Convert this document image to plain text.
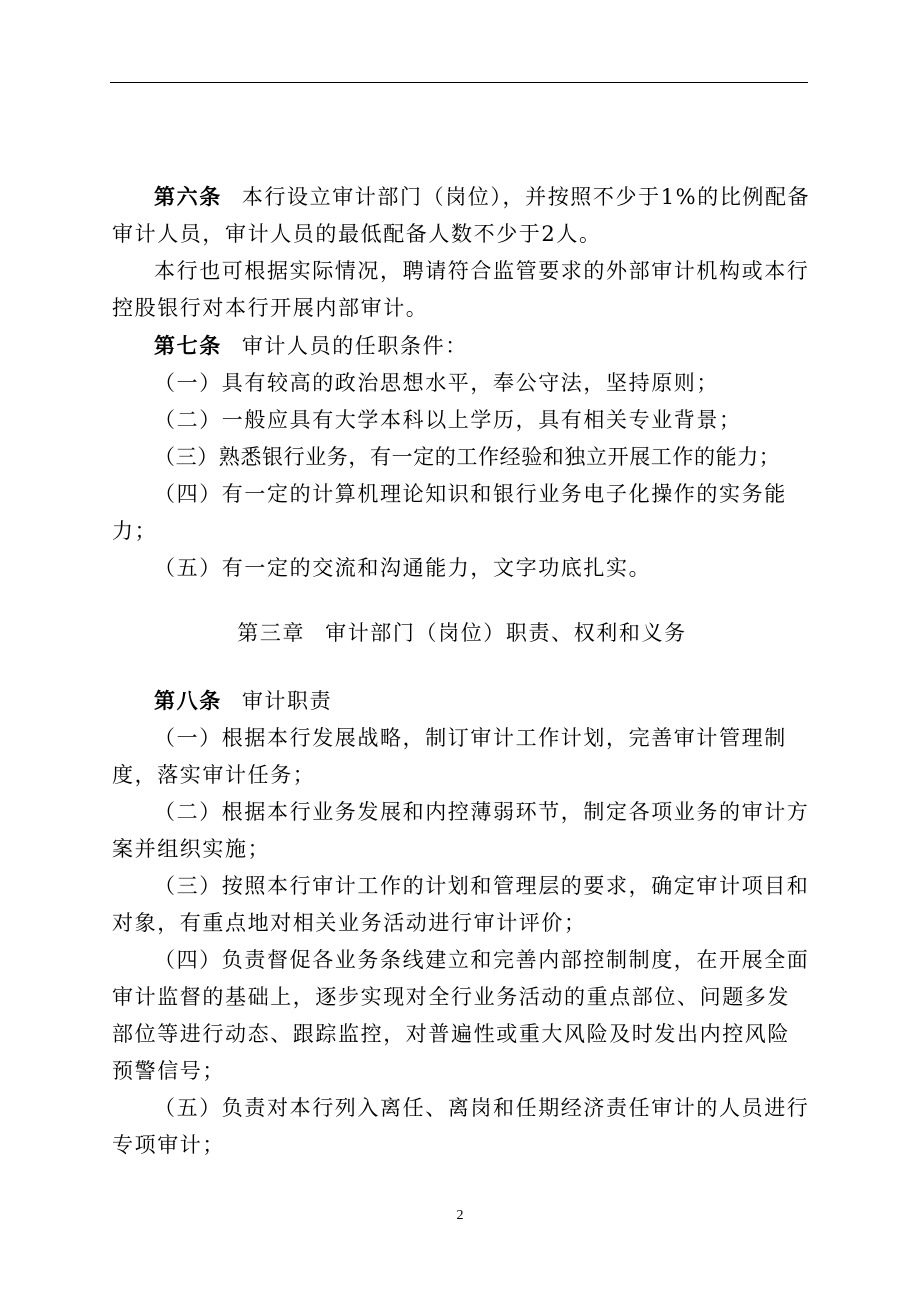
第六条 本行设立审计部门（岗位），并按照不少于1%的比例配备审计人员，审计人员的最低配备人数不少于2人。

本行也可根据实际情况，聘请符合监管要求的外部审计机构或本行控股银行对本行开展内部审计。

第七条 审计人员的任职条件：

（一）具有较高的政治思想水平，奉公守法，坚持原则；

（二）一般应具有大学本科以上学历，具有相关专业背景；

（三）熟悉银行业务，有一定的工作经验和独立开展工作的能力；

（四）有一定的计算机理论知识和银行业务电子化操作的实务能力；

（五）有一定的交流和沟通能力，文字功底扎实。

第三章 审计部门（岗位）职责、权利和义务

第八条 审计职责

（一）根据本行发展战略，制订审计工作计划，完善审计管理制度，落实审计任务；

（二）根据本行业务发展和内控薄弱环节，制定各项业务的审计方案并组织实施；

（三）按照本行审计工作的计划和管理层的要求，确定审计项目和对象，有重点地对相关业务活动进行审计评价；

（四）负责督促各业务条线建立和完善内部控制制度，在开展全面审计监督的基础上，逐步实现对全行业务活动的重点部位、问题多发部位等进行动态、跟踪监控，对普遍性或重大风险及时发出内控风险预警信号；

（五）负责对本行列入离任、离岗和任期经济责任审计的人员进行专项审计；

2
